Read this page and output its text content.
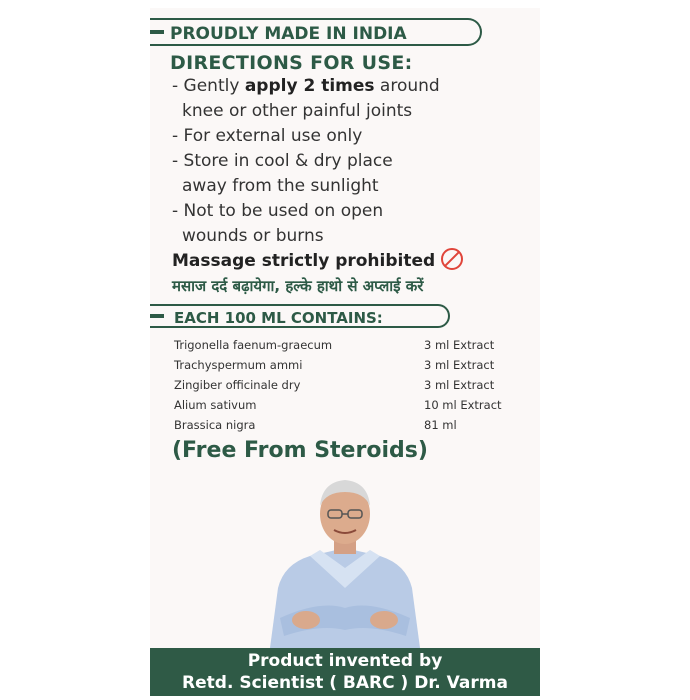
PROUDLY MADE IN INDIA
DIRECTIONS FOR USE:

- Gently apply 2 times around

knee or other painful joints

- For external use only

- Store in cool & dry place

away from the sunlight

- Not to be used on open

wounds or burns

Massage strictly prohibited
मसाज दर्द बढ़ायेगा, हल्के हाथो से अप्लाई करें
EACH 100 ML CONTAINS:
Trigonella faenum-graecum	3 ml Extract
Trachyspermum ammi	3 ml Extract
Zingiber officinale dry	3 ml Extract
Alium sativum	10 ml Extract
Brassica nigra	81 ml
(Free From Steroids)
Product invented by
Retd. Scientist ( BARC ) Dr. Varma
